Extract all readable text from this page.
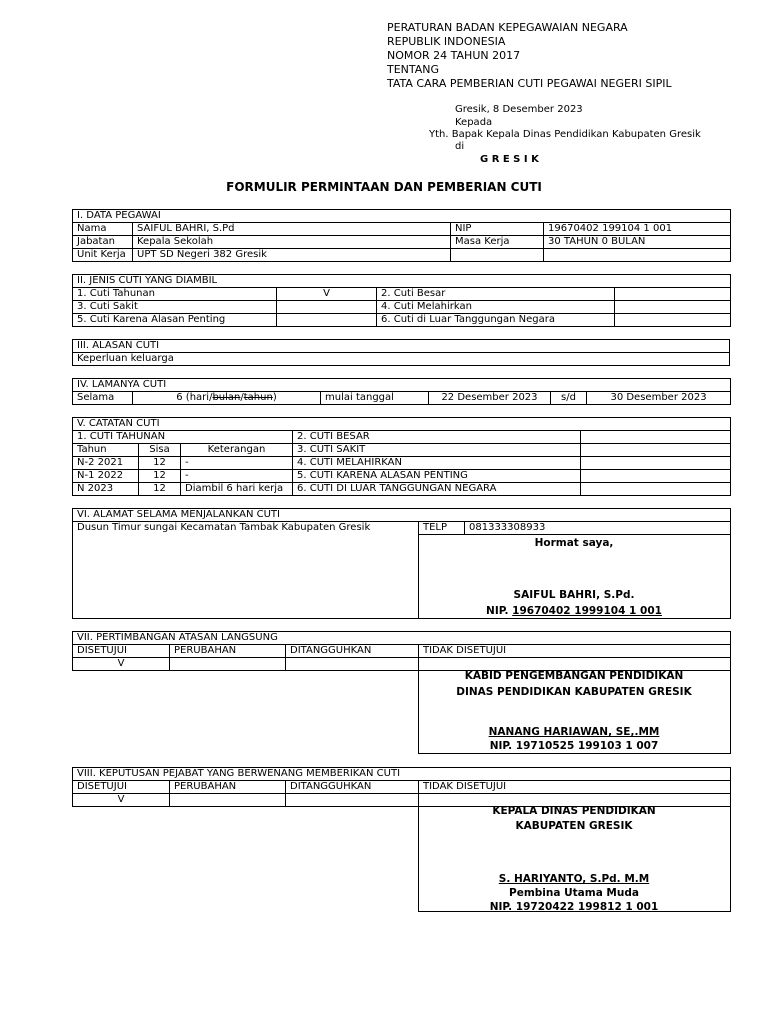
PERATURAN BADAN KEPEGAWAIAN NEGARA
REPUBLIK INDONESIA
NOMOR 24 TAHUN 2017
TENTANG
TATA CARA PEMBERIAN CUTI PEGAWAI NEGERI SIPIL
Gresik, 8 Desember 2023
Kepada
Yth. Bapak Kepala Dinas Pendidikan Kabupaten Gresik
di
G R E S I K
FORMULIR PERMINTAAN DAN PEMBERIAN CUTI
I. DATA PEGAWAI			
Nama	SAIFUL BAHRI, S.Pd	NIP	19670402 199104 1 001
Jabatan	Kepala Sekolah	Masa Kerja	30 TAHUN 0 BULAN
Unit Kerja	UPT SD Negeri 382 Gresik		
II. JENIS CUTI YANG DIAMBIL			
1. Cuti Tahunan	V	2. Cuti Besar	
3. Cuti Sakit		4. Cuti Melahirkan	
5. Cuti Karena Alasan Penting		6. Cuti di Luar Tanggungan Negara	
III. ALASAN CUTI
Keperluan keluarga
IV. LAMANYA CUTI
Selama	6 (hari/bulan/tahun)	mulai tanggal	22 Desember 2023	s/d	30 Desember 2023
V. CATATAN CUTI				
1. CUTI TAHUNAN			2. CUTI BESAR	
Tahun	Sisa	Keterangan	3. CUTI SAKIT	
N-2 2021	12	-	4. CUTI MELAHIRKAN	
N-1 2022	12	-	5. CUTI KARENA ALASAN PENTING	
N 2023	12	Diambil 6 hari kerja	6. CUTI DI LUAR TANGGUNGAN NEGARA	
VI. ALAMAT SELAMA MENJALANKAN CUTI
Dusun Timur sungai Kecamatan Tambak Kabupaten Gresik	TELP	081333308933

Hormat saya,
SAIFUL BAHRI, S.Pd.
NIP. 19670402 1999104 1 001
VII. PERTIMBANGAN ATASAN LANGSUNG			
DISETUJUI	PERUBAHAN	DITANGGUHKAN	TIDAK DISETUJUI
V			

KABID PENGEMBANGAN PENDIDIKAN
DINAS PENDIDIKAN KABUPATEN GRESIK
NANANG HARIAWAN, SE,.MM
NIP. 19710525 199103 1 007
VIII. KEPUTUSAN PEJABAT YANG BERWENANG MEMBERIKAN CUTI			
DISETUJUI	PERUBAHAN	DITANGGUHKAN	TIDAK DISETUJUI
V			

KEPALA DINAS PENDIDIKAN
KABUPATEN GRESIK
S. HARIYANTO, S.Pd. M.M
Pembina Utama Muda
NIP. 19720422 199812 1 001
